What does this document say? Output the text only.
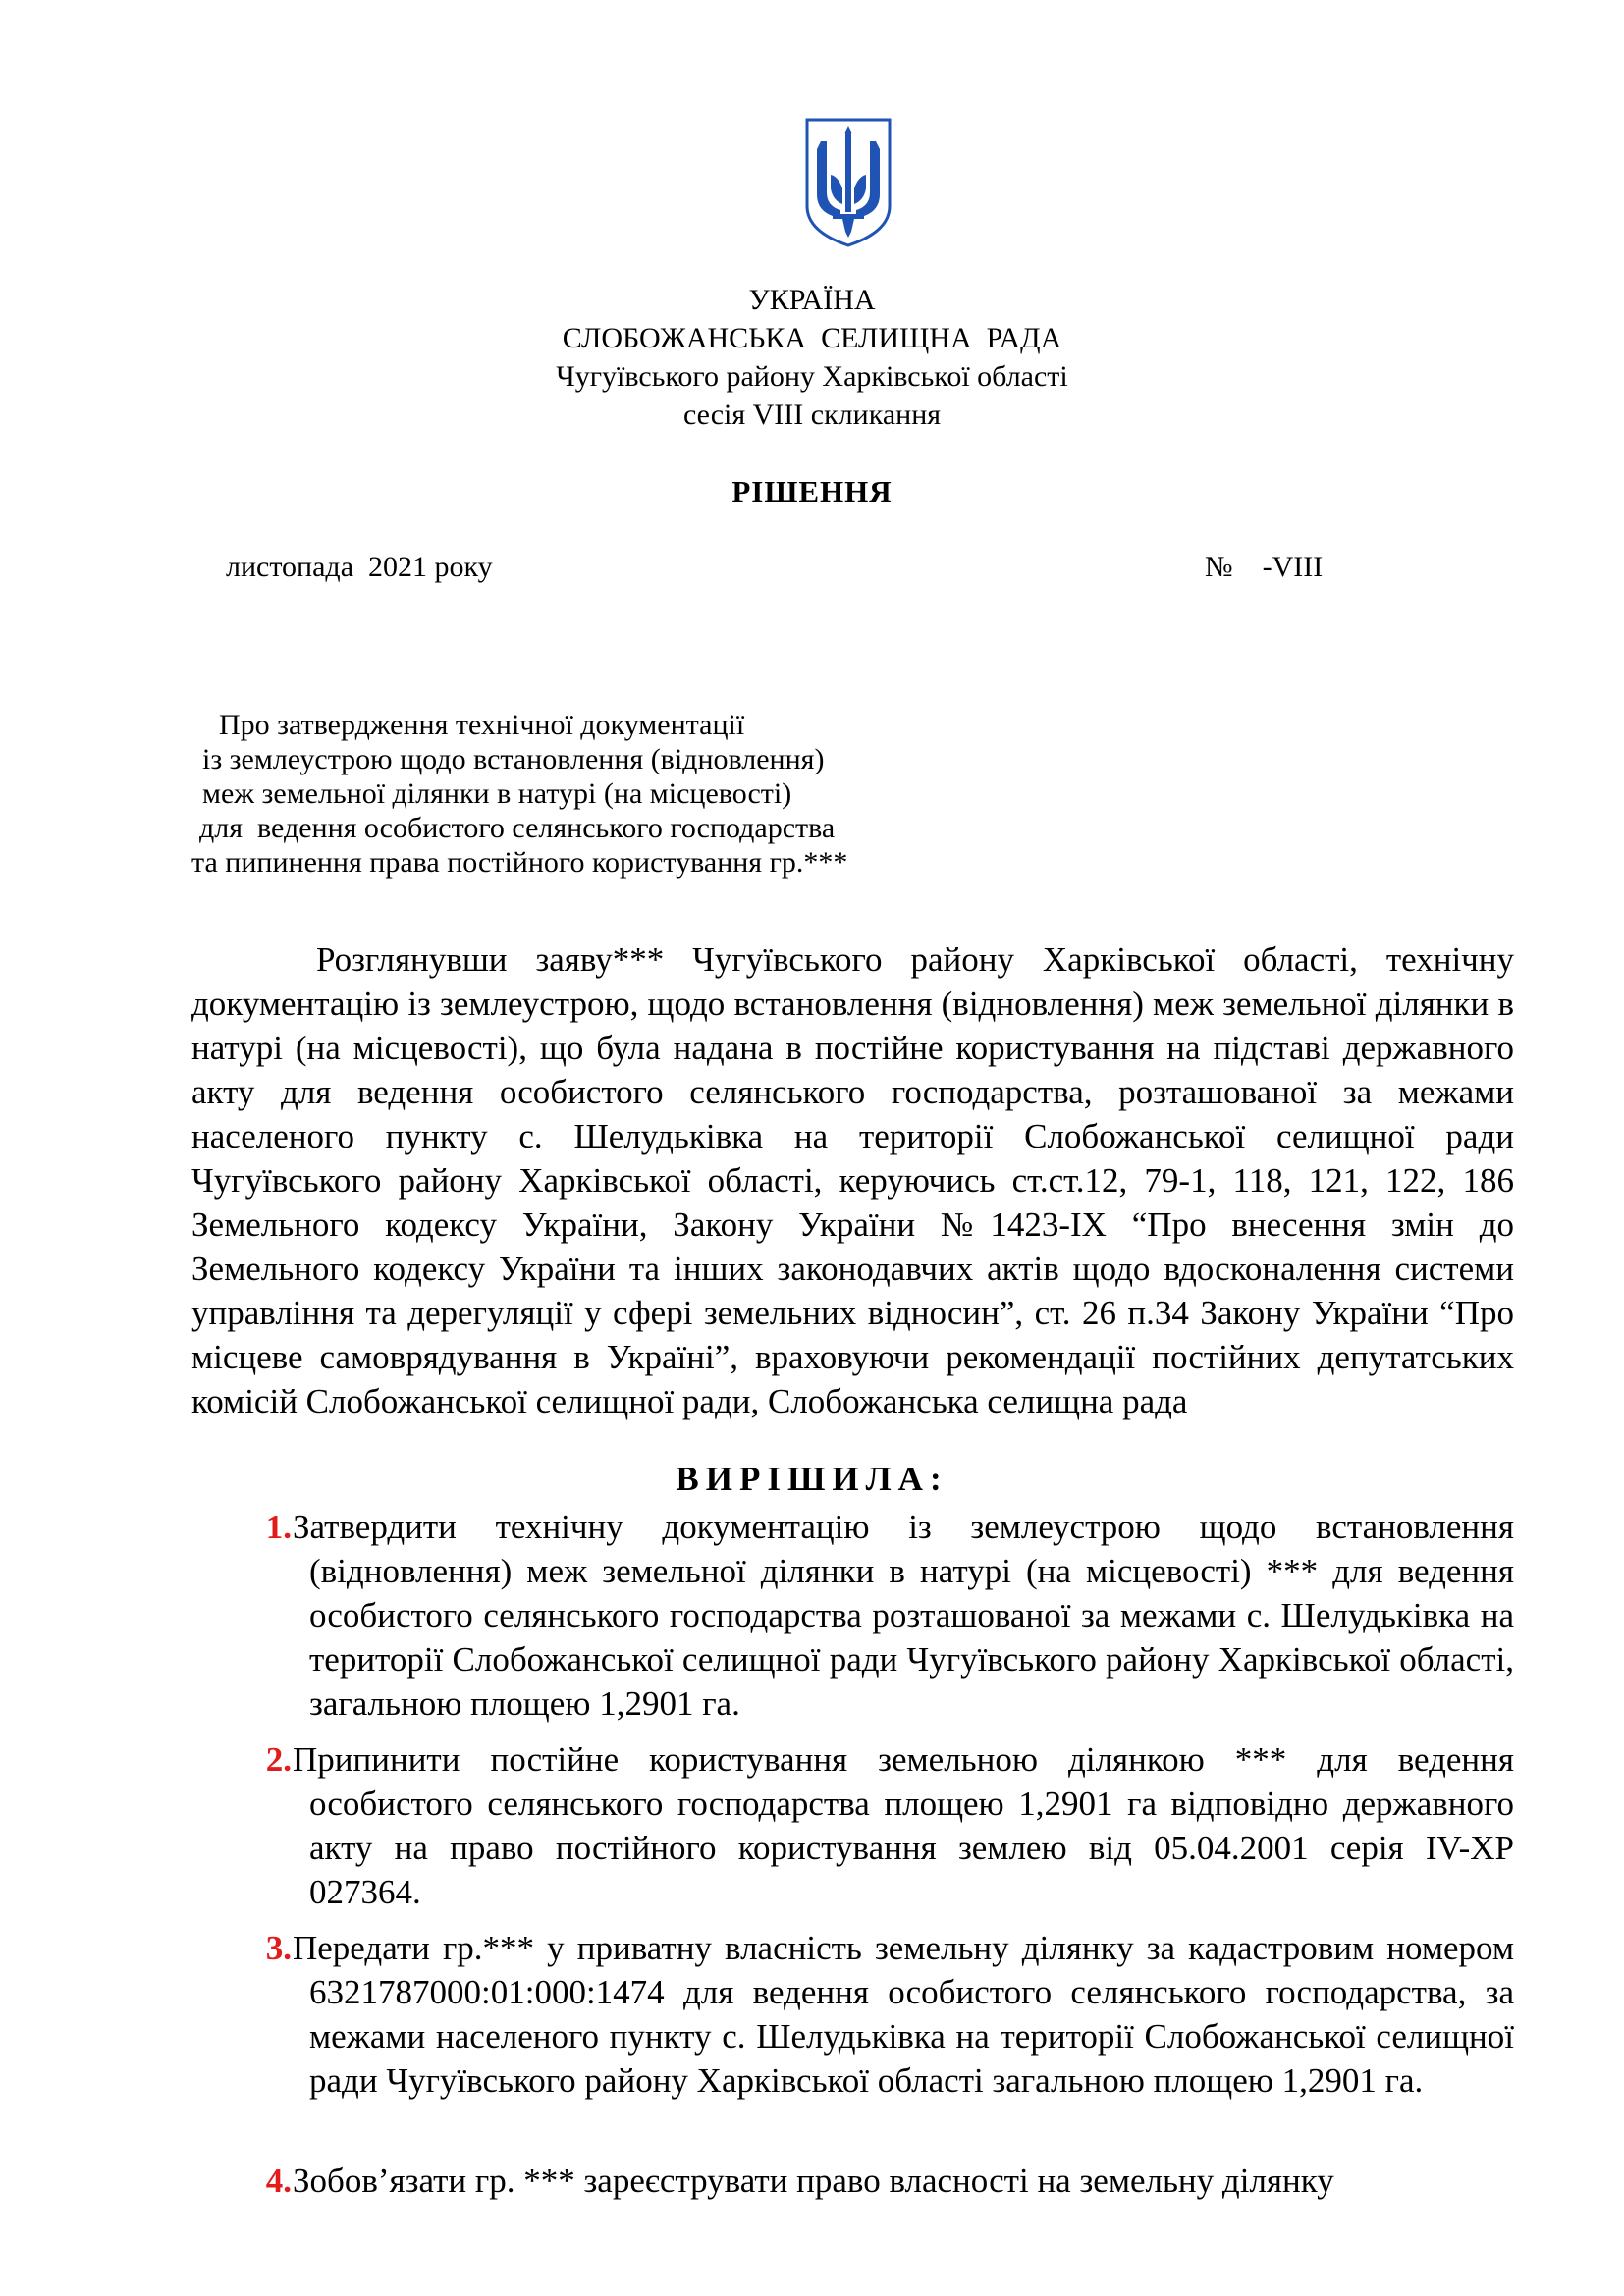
УКРАЇНА
СЛОБОЖАНСЬКА  СЕЛИЩНА  РАДА
Чугуївського району Харківської області
сесія VIII скликання
РІШЕННЯ
листопада  2021 року	№    -VIII
Про затвердження технічної документації
із землеустрою щодо встановлення (відновлення)
меж земельної ділянки в натурі (на місцевості)
для  ведення особистого селянського господарства
та пипинення права постійного користування гр.***
Розглянувши заяву*** Чугуївського району Харківської області, технічну документацію із землеустрою, щодо встановлення (відновлення) меж земельної ділянки в натурі (на місцевості), що була надана в постійне користування на підставі державного акту для ведення особистого селянського господарства, розташованої за межами населеного пункту с. Шелудьківка на території Слобожанської селищної ради Чугуївського району Харківської області, керуючись ст.ст.12, 79-1, 118, 121, 122, 186 Земельного кодексу України, Закону України №1423-IX “Про внесення змін до Земельного кодексу України та інших законодавчих актів щодо вдосконалення системи управління та дерегуляції у сфері земельних відносин”, ст. 26 п.34 Закону України “Про місцеве самоврядування в Україні”, враховуючи рекомендації постійних депутатських комісій Слобожанської селищної ради, Слобожанська селищна рада
ВИРІШИЛА:
1. Затвердити технічну документацію із землеустрою щодо встановлення (відновлення) меж земельної ділянки в натурі (на місцевості) *** для ведення особистого селянського господарства розташованої за межами с. Шелудьківка на території Слобожанської селищної ради Чугуївського району Харківської області, загальною площею 1,2901 га.
2. Припинити постійне користування земельною ділянкою *** для ведення особистого селянського господарства площею 1,2901 га відповідно державного акту на право постійного користування землею від 05.04.2001 серія IV-ХР 027364.
3. Передати гр.*** у приватну власність земельну ділянку за кадастровим номером 6321787000:01:000:1474 для ведення особистого селянського господарства, за межами населеного пункту с. Шелудьківка на території Слобожанської селищної ради Чугуївського району Харківської області загальною площею 1,2901 га.
4. Зобов’язати гр. *** зареєструвати право власності на земельну ділянку
